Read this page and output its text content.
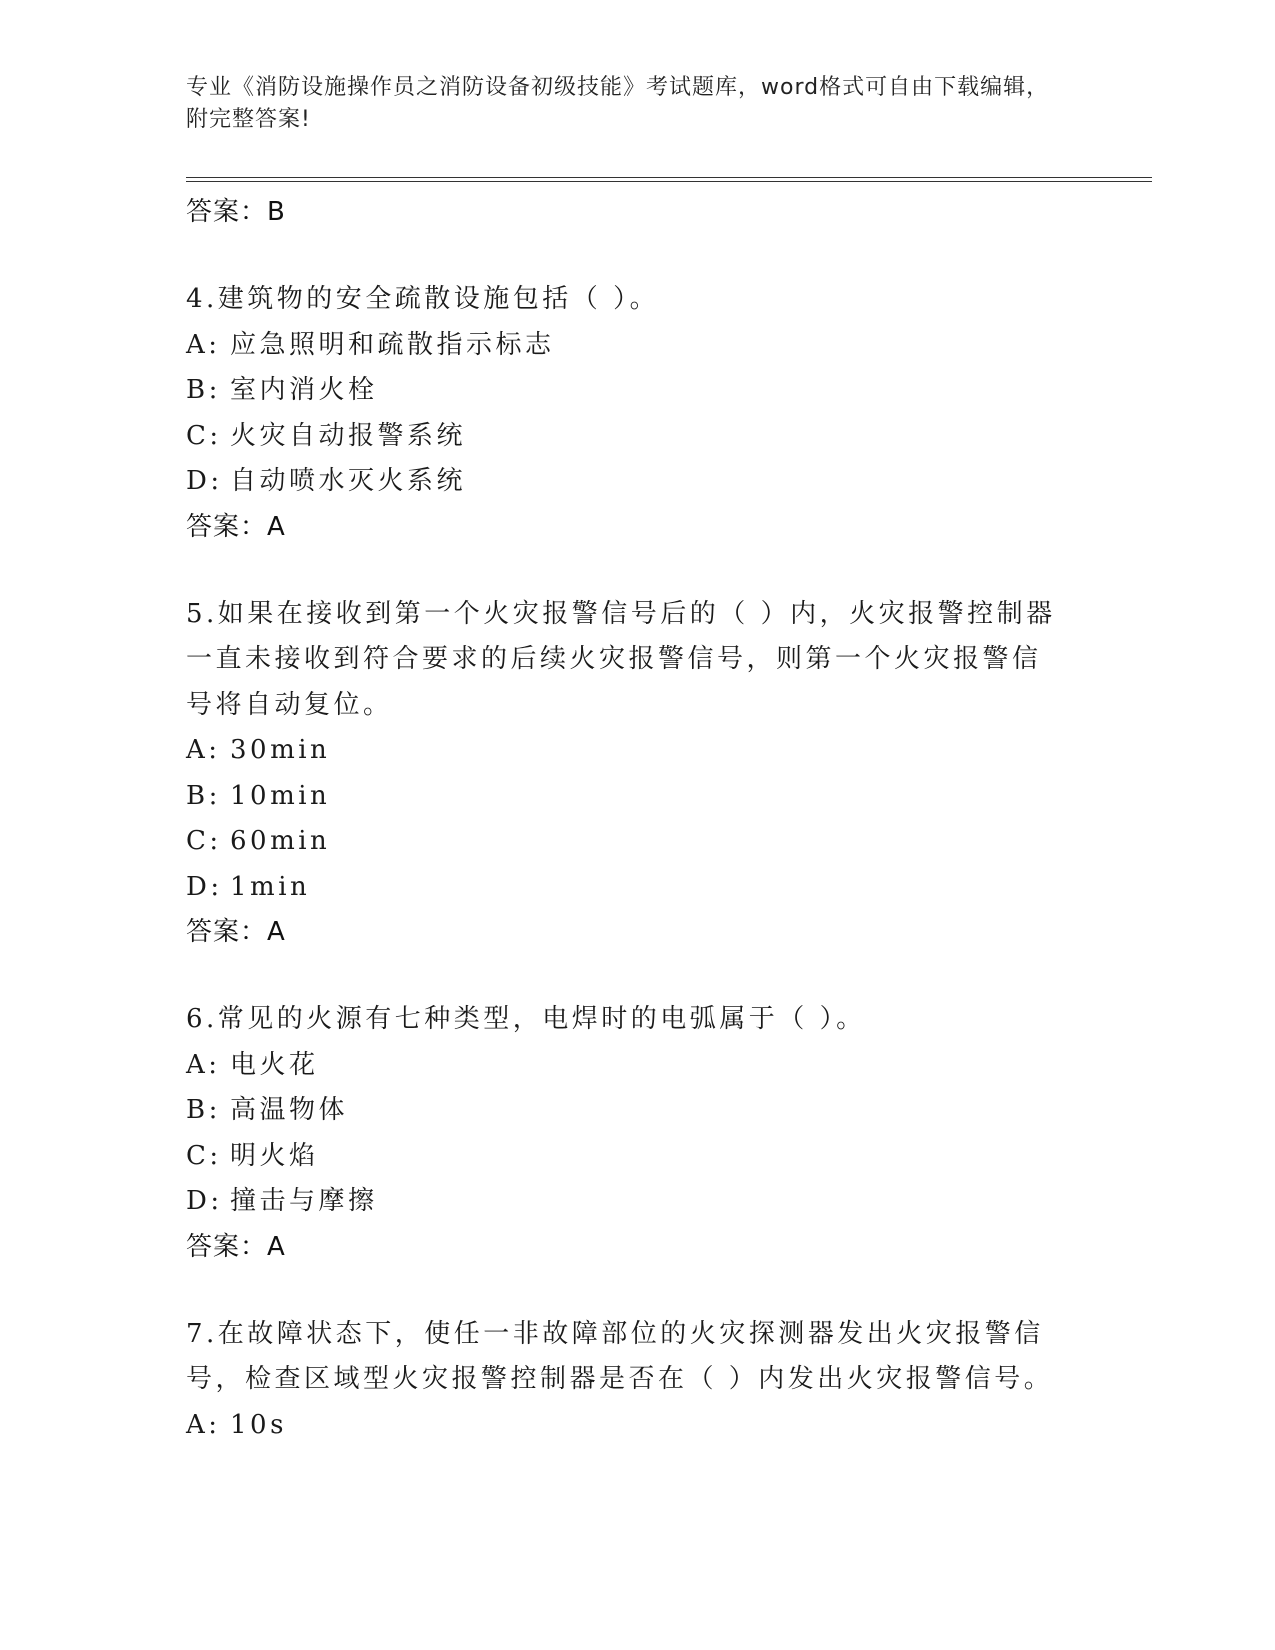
专业《消防设施操作员之消防设备初级技能》考试题库，word格式可自由下载编辑，附完整答案!
答案：B
4.建筑物的安全疏散设施包括（ ）。
A: 应急照明和疏散指示标志
B: 室内消火栓
C: 火灾自动报警系统
D: 自动喷水灭火系统
答案：A
5.如果在接收到第一个火灾报警信号后的（ ）内，火灾报警控制器一直未接收到符合要求的后续火灾报警信号，则第一个火灾报警信号将自动复位。
A: 30min
B: 10min
C: 60min
D: 1min
答案：A
6.常见的火源有七种类型，电焊时的电弧属于（ ）。
A: 电火花
B: 高温物体
C: 明火焰
D: 撞击与摩擦
答案：A
7.在故障状态下，使任一非故障部位的火灾探测器发出火灾报警信号，检查区域型火灾报警控制器是否在（ ）内发出火灾报警信号。
A: 10s
